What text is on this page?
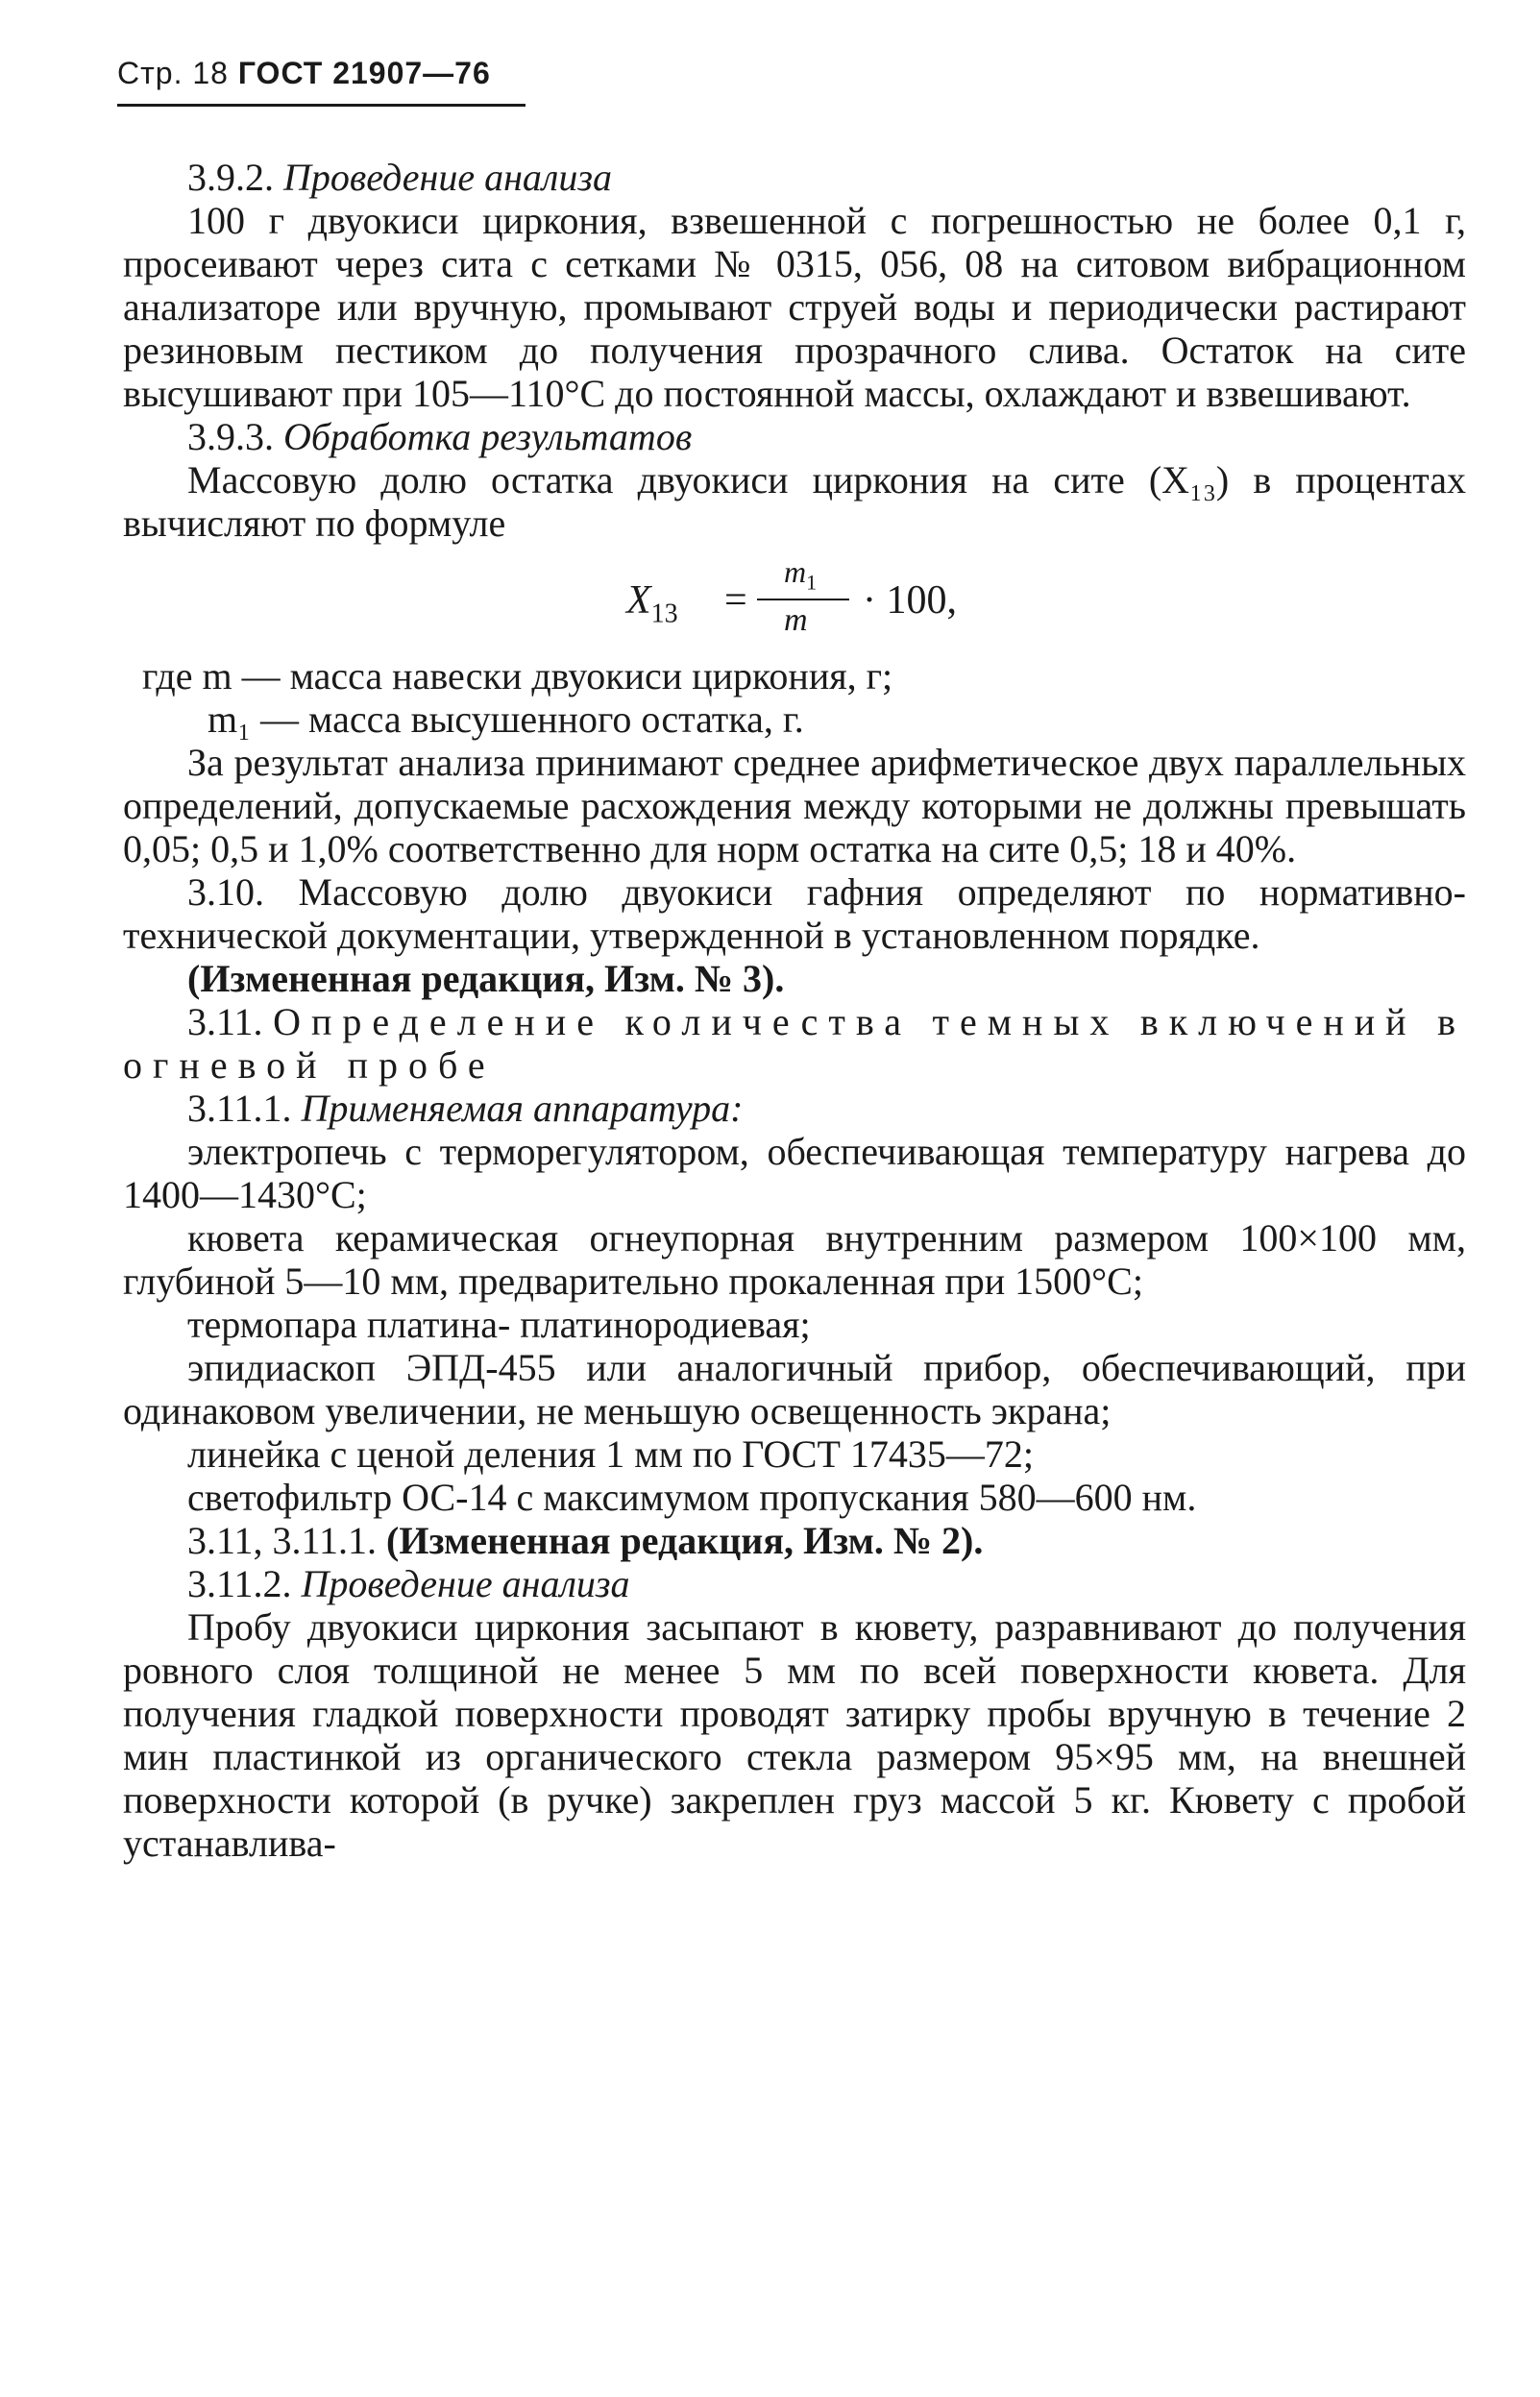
Стр. 18 ГОСТ 21907—76

3.9.2. Проведение анализа

100 г двуокиси циркония, взвешенной с погрешностью не более 0,1 г, просеивают через сита с сетками № 0315, 056, 08 на ситовом вибрационном анализаторе или вручную, промывают струей воды и периодически растирают резиновым пестиком до получения прозрачного слива. Остаток на сите высушивают при 105—110°С до постоянной массы, охлаждают и взвешивают.

3.9.3. Обработка результатов

Массовую долю остатка двуокиси циркония на сите (X₁₃) в процентах вычисляют по формуле

$X_{13}$ =
$m_1$
m · 100,

где m — масса навески двуокиси циркония, г;

m₁ — масса высушенного остатка, г.

За результат анализа принимают среднее арифметическое двух параллельных определений, допускаемые расхождения между которыми не должны превышать 0,05; 0,5 и 1,0% соответственно для норм остатка на сите 0,5; 18 и 40%.

3.10. Массовую долю двуокиси гафния определяют по нормативно-технической документации, утвержденной в установленном порядке.

(Измененная редакция, Изм. № 3).

3.11. Определение количества темных включений в огневой пробе

3.11.1. Применяемая аппаратура:

электропечь с терморегулятором, обеспечивающая температуру нагрева до 1400—1430°С;

кювета керамическая огнеупорная внутренним размером 100×100 мм, глубиной 5—10 мм, предварительно прокаленная при 1500°С;

термопара платина- платинородиевая;

эпидиаскоп ЭПД-455 или аналогичный прибор, обеспечивающий, при одинаковом увеличении, не меньшую освещенность экрана;

линейка с ценой деления 1 мм по ГОСТ 17435—72;

светофильтр ОС-14 с максимумом пропускания 580—600 нм.

3.11, 3.11.1. (Измененная редакция, Изм. № 2).

3.11.2. Проведение анализа

Пробу двуокиси циркония засыпают в кювету, разравнивают до получения ровного слоя толщиной не менее 5 мм по всей поверхности кювета. Для получения гладкой поверхности проводят затирку пробы вручную в течение 2 мин пластинкой из органического стекла размером 95×95 мм, на внешней поверхности которой (в ручке) закреплен груз массой 5 кг. Кювету с пробой устанавлива-
